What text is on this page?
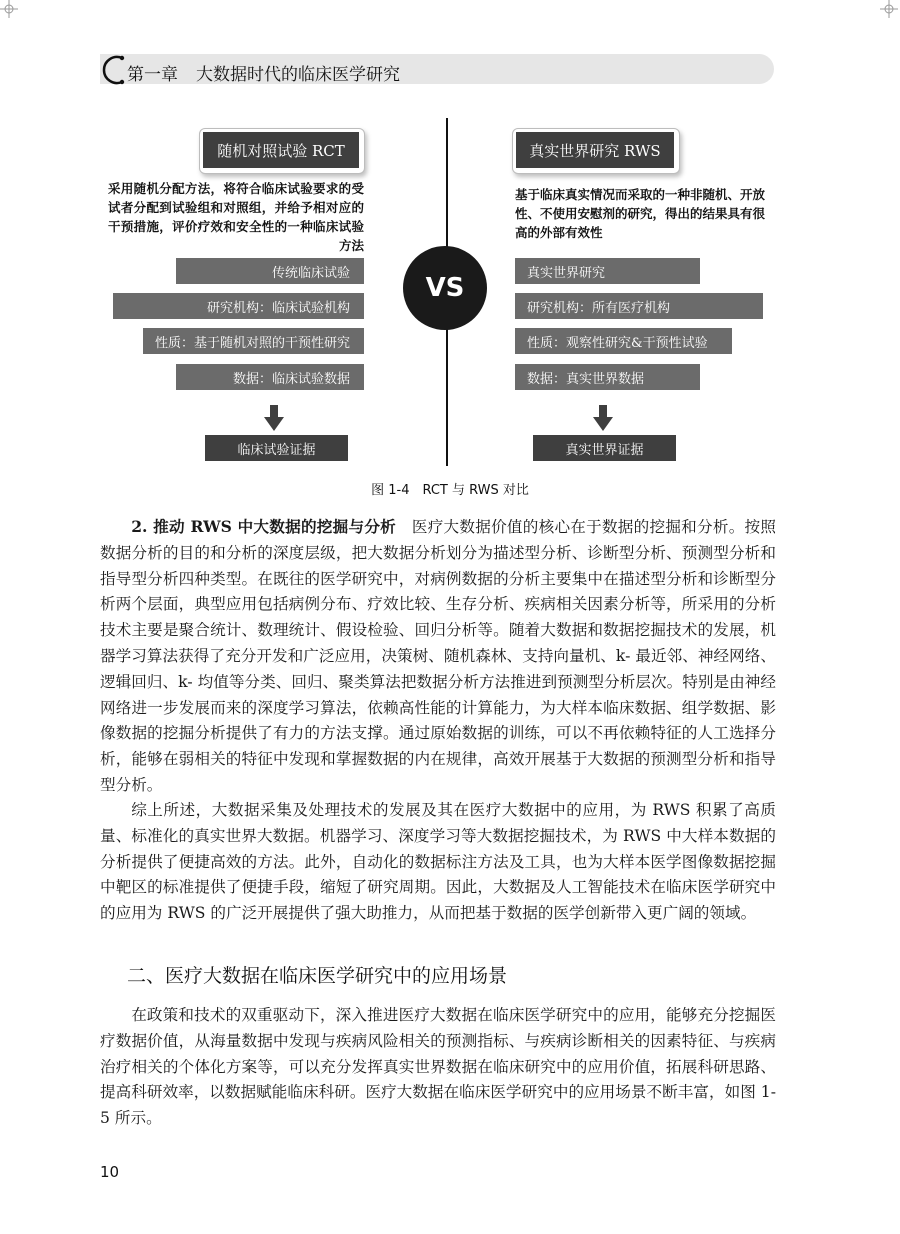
第一章 大数据时代的临床医学研究
随机对照试验 RCT	真实世界研究 RWS
采用随机分配方法，将符合临床试验要求的受试者分配到试验组和对照组，并给予相对应的干预措施，评价疗效和安全性的一种临床试验方法
基于临床真实情况而采取的一种非随机、开放性、不使用安慰剂的研究，得出的结果具有很高的外部有效性
传统临床试验
研究机构：临床试验机构
性质：基于随机对照的干预性研究
数据：临床试验数据
真实世界研究
研究机构：所有医疗机构
性质：观察性研究&干预性试验
数据：真实世界数据
VS
临床试验证据	真实世界证据
图 1-4　RCT 与 RWS 对比

2. 推动 RWS 中大数据的挖掘与分析　医疗大数据价值的核心在于数据的挖掘和分析。按照数据分析的目的和分析的深度层级，把大数据分析划分为描述型分析、诊断型分析、预测型分析和指导型分析四种类型。在既往的医学研究中，对病例数据的分析主要集中在描述型分析和诊断型分析两个层面，典型应用包括病例分布、疗效比较、生存分析、疾病相关因素分析等，所采用的分析技术主要是聚合统计、数理统计、假设检验、回归分析等。随着大数据和数据挖掘技术的发展，机器学习算法获得了充分开发和广泛应用，决策树、随机森林、支持向量机、k- 最近邻、神经网络、逻辑回归、k- 均值等分类、回归、聚类算法把数据分析方法推进到预测型分析层次。特别是由神经网络进一步发展而来的深度学习算法，依赖高性能的计算能力，为大样本临床数据、组学数据、影像数据的挖掘分析提供了有力的方法支撑。通过原始数据的训练，可以不再依赖特征的人工选择分析，能够在弱相关的特征中发现和掌握数据的内在规律，高效开展基于大数据的预测型分析和指导型分析。

综上所述，大数据采集及处理技术的发展及其在医疗大数据中的应用，为 RWS 积累了高质量、标准化的真实世界大数据。机器学习、深度学习等大数据挖掘技术，为 RWS 中大样本数据的分析提供了便捷高效的方法。此外，自动化的数据标注方法及工具，也为大样本医学图像数据挖掘中靶区的标准提供了便捷手段，缩短了研究周期。因此，大数据及人工智能技术在临床医学研究中的应用为 RWS 的广泛开展提供了强大助推力，从而把基于数据的医学创新带入更广阔的领域。

二、医疗大数据在临床医学研究中的应用场景

在政策和技术的双重驱动下，深入推进医疗大数据在临床医学研究中的应用，能够充分挖掘医疗数据价值，从海量数据中发现与疾病风险相关的预测指标、与疾病诊断相关的因素特征、与疾病治疗相关的个体化方案等，可以充分发挥真实世界数据在临床研究中的应用价值，拓展科研思路、提高科研效率，以数据赋能临床科研。医疗大数据在临床医学研究中的应用场景不断丰富，如图 1-5 所示。

10
